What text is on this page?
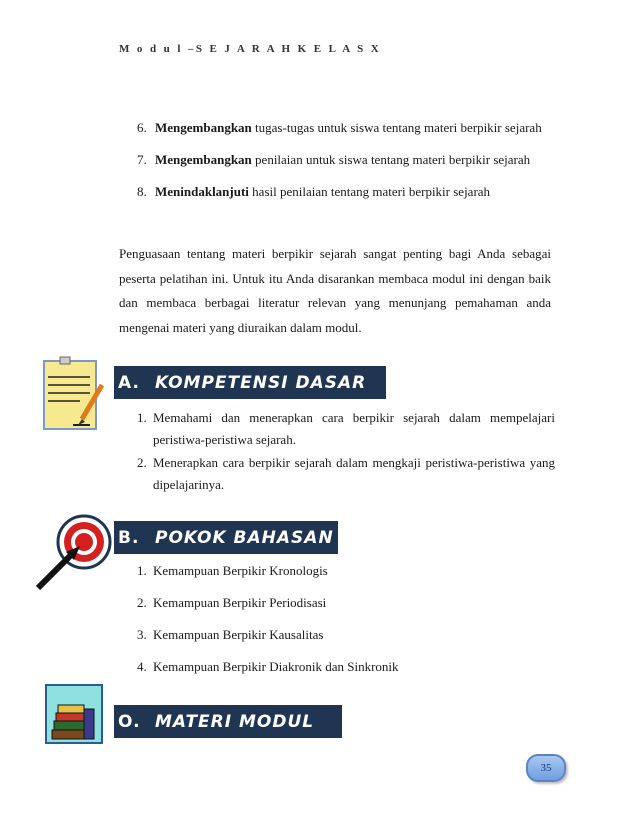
M o d u l –S E J A R A H K E L A S X
6. Mengembangkan tugas-tugas untuk siswa tentang materi berpikir sejarah
7. Mengembangkan penilaian untuk siswa tentang materi berpikir sejarah
8. Menindaklanjuti hasil penilaian tentang materi berpikir sejarah

Penguasaan tentang materi berpikir sejarah sangat penting bagi Anda sebagai peserta pelatihan ini. Untuk itu Anda disarankan membaca modul ini dengan baik dan membaca berbagai literatur relevan yang menunjang pemahaman anda mengenai materi yang diuraikan dalam modul.

A. KOMPETENSI DASAR
1. Memahami dan menerapkan cara berpikir sejarah dalam mempelajari peristiwa-peristiwa sejarah.
2. Menerapkan cara berpikir sejarah dalam mengkaji peristiwa-peristiwa yang dipelajarinya.
B. POKOK BAHASAN
1. Kemampuan Berpikir Kronologis
2. Kemampuan Berpikir Periodisasi
3. Kemampuan Berpikir Kausalitas
4. Kemampuan Berpikir Diakronik dan Sinkronik
O. MATERI MODUL
35
